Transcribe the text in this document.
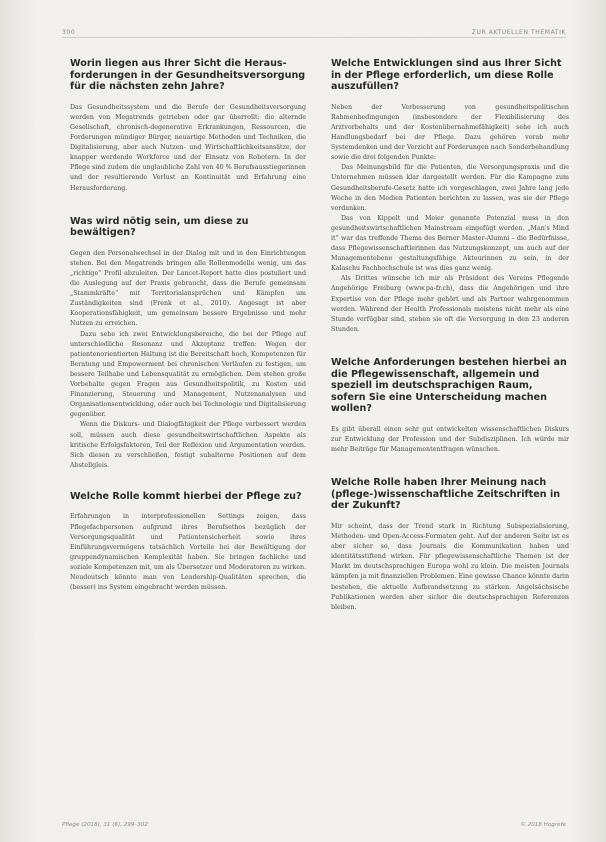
300	ZUR AKTUELLEN THEMATIK
Worin liegen aus Ihrer Sicht die Heraus-forderungen in der Gesundheitsversorgung für die nächsten zehn Jahre?

Das Gesundheitssystem und die Berufe der Gesundheitsversorgung werden von Megatrends getrieben oder gar überrollt: die alternde Gesellschaft, chronisch-degenerative Erkrankungen, Ressourcen, die Forderungen mündiger Bürger, neuartige Methoden und Techniken, die Digitalisierung, aber auch Nutzen- und Wirtschaftlichkeitsansätze, der knapper werdende Workforce und der Einsatz von Robotern. In der Pflege sind zudem die unglaubliche Zahl von 40 % Berufsausstiegerinnen und der resultierende Verlust an Kontinuität und Erfahrung eine Herausforderung.

Was wird nötig sein, um diese zu bewältigen?

Gegen den Personalwechsel in der Dialog mit und in den Einrichtungen stehen. Bei den Megatrends bringen alle Rollenmodelle wenig, um das „richtige“ Profil abzuleiten. Der Lancet-Report hatte dies postuliert und die Auslegung auf der Praxis gebraucht, dass die Berufe gemeinsam „Stammkräfte“ mit Territorialansprüchen und Kämpfen um Zuständigkeiten sind (Frenk et al., 2010). Angesagt ist aber Kooperationsfähigkeit, um gemeinsam bessere Ergebnisse und mehr Nutzen zu erreichen.

Dazu sehe ich zwei Entwicklungsbereiche, die bei der Pflege auf unterschiedliche Resonanz und Akzeptanz treffen: Wegen der patientenorientierten Haltung ist die Bereitschaft hoch, Kompetenzen für Beratung und Empowerment bei chronischen Verläufen zu festigen, um bessere Teilhabe und Lebensqualität zu ermöglichen. Dem stehen große Vorbehalte gegen Fragen aus Gesundheitspolitik, zu Kosten und Finanzierung, Steuerung und Management, Nutzenanalysen und Organisationsentwicklung, oder auch bei Technologie und Digitalisierung gegenüber.

Wenn die Diskurs- und Dialogfähigkeit der Pflege verbessert werden soll, müssen auch diese gesundheitswirtschaftlichen Aspekte als kritische Erfolgsfaktoren, Teil der Reflexion und Argumentation werden. Sich diesen zu verschließen, festigt subalterne Positionen auf dem Abstellgleis.

Welche Rolle kommt hierbei der Pflege zu?

Erfahrungen in interprofessionellen Settings zeigen, dass Pflegefachpersonen aufgrund ihres Berufsethos bezüglich der Versorgungsqualität und Patientensicherheit sowie ihres Einführungsvermögens tatsächlich Vorteile bei der Bewältigung der gruppendynamischen Komplexität haben. Sie bringen fachliche und soziale Kompetenzen mit, um als Übersetzer und Moderatoren zu wirken. Neudeutsch könnte man von Leadership-Qualitäten sprechen, die (besser) ins System eingebracht werden müssen.

Welche Entwicklungen sind aus Ihrer Sicht in der Pflege erforderlich, um diese Rolle auszufüllen?

Neben der Verbesserung von gesundheitspolitischen Rahmenbedingungen (insbesondere der Flexibilisierung des Arztvorbehalts und der Kostenübernahmefähigkeit) sehe ich auch Handlungsbedarf bei der Pflege. Dazu gehören vorab mehr Systemdenken und der Verzicht auf Forderungen nach Sonderbehandlung sowie die drei folgenden Punkte:

Das Meinungsbild für die Patienten, die Versorgungspraxis und die Unternehmen müssen klar dargestellt werden. Für die Kampagne zum Gesundheitsberufe-Gesetz hatte ich vorgeschlagen, zwei Jahre lang jede Woche in den Medien Patienten berichten zu lassen, was sie der Pflege verdanken.

Das von Kippelt und Meier genannte Potenzial muss in den gesundheitswirtschaftlichen Mainstream eingefügt werden. „Man's Mind it“ war das treffende Thema des Berner Master-Alumni – die Bedürfnisse, dass Pflegewissenschaftlerinnen das Nutzungskonzept, um auch auf der Managementebene gestaltungsfähige Akteurinnen zu sein, in der Kalaschu Fachhochschule ist was dies ganz wenig.

Als Drittes wünsche ich mir als Präsident des Vereins Pflegende Angehörige Freiburg (www.pa-fr.ch), dass die Angehörigen und ihre Expertise von der Pflege mehr gehört und als Partner wahrgenommen werden. Während der Health Professionals meistens nicht mehr als eine Stunde verfügbar sind, stehen sie oft die Versorgung in den 23 anderen Stunden.

Welche Anforderungen bestehen hierbei an die Pflegewissenschaft, allgemein und speziell im deutschsprachigen Raum, sofern Sie eine Unterscheidung machen wollen?

Es gibt überall einen sehr gut entwickelten wissenschaftlichen Diskurs zur Entwicklung der Profession und der Subdisziplinen. Ich würde mir mehr Beiträge für Managemententfragen wünschen.

Welche Rolle haben Ihrer Meinung nach (pflege-)wissenschaftliche Zeitschriften in der Zukunft?

Mir scheint, dass der Trend stark in Richtung Subspezialisierung, Methoden- und Open-Access-Formaten geht. Auf der anderen Seite ist es aber sicher so, dass Journals die Kommunikation haben und identitätsstiftend wirken. Für pflegewissenschaftliche Themen ist der Markt im deutschsprachigen Europa wohl zu klein. Die meisten Journals kämpfen ja mit finanziellen Problemen. Eine gewisse Chance könnte darin bestehen, die aktuelle Aufbrandsetzung zu stärken. Angelsächsische Publikationen werden aber sicher die deutschsprachigen Referenzen bleiben.

Pflege (2018), 31 (6), 299–302	© 2018 Hogrefe
